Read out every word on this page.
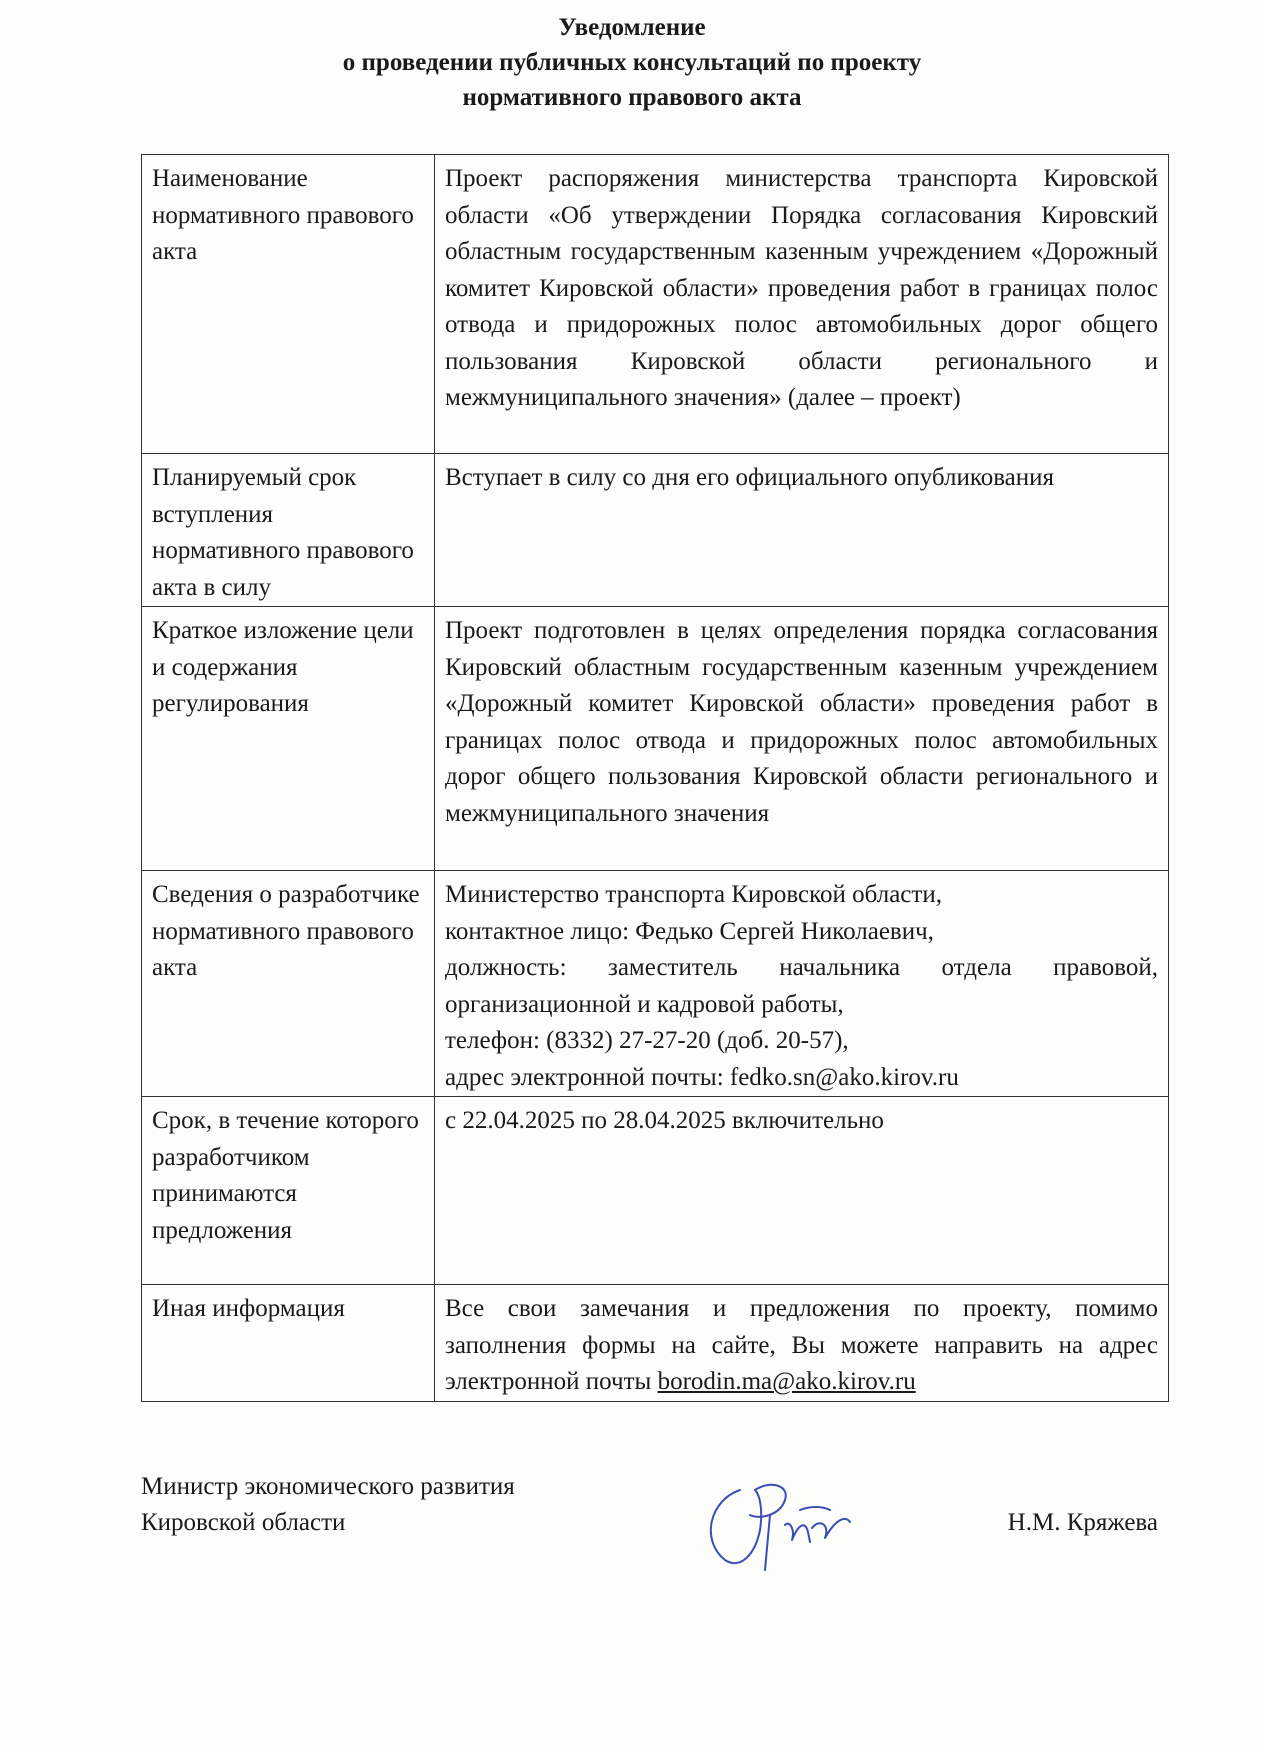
Уведомление
о проведении публичных консультаций по проекту
нормативного правового акта
Наименование нормативного правового акта	Проект распоряжения министерства транспорта Кировской области «Об утверждении Порядка согласования Кировский областным государственным казенным учреждением «Дорожный комитет Кировской области» проведения работ в границах полос отвода и придорожных полос автомобильных дорог общего пользования Кировской области регионального и межмуниципального значения» (далее – проект)
Планируемый срок вступления нормативного правового акта в силу	Вступает в силу со дня его официального опубликования
Краткое изложение цели и содержания регулирования	Проект подготовлен в целях определения порядка согласования Кировский областным государственным казенным учреждением «Дорожный комитет Кировской области» проведения работ в границах полос отвода и придорожных полос автомобильных дорог общего пользования Кировской области регионального и межмуниципального значения
Сведения о разработчике нормативного правового акта	Министерство транспорта Кировской области,
контактное лицо: Федько Сергей Николаевич,
должность: заместитель начальника отдела правовой, организационной и кадровой работы,
телефон: (8332) 27-27-20 (доб. 20-57),
адрес электронной почты: fedko.sn@ako.kirov.ru

Срок, в течение которого разработчиком принимаются предложения	с 22.04.2025 по 28.04.2025 включительно
Иная информация	Все свои замечания и предложения по проекту, помимо заполнения формы на сайте, Вы можете направить на адрес электронной почты borodin.ma@ako.kirov.ru
Министр экономического развития
Кировской области	Н.М. Кряжева
